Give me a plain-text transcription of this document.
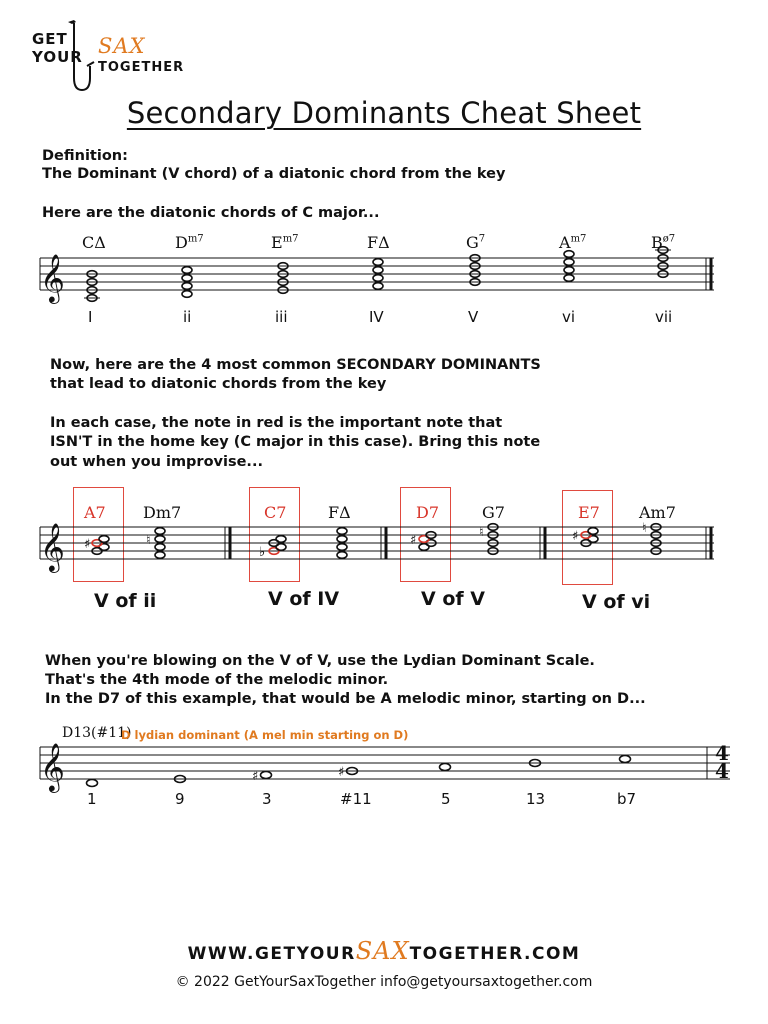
GET
YOUR SAX
TOGETHER
Secondary Dominants Cheat Sheet
Definition:
The Dominant (V chord) of a diatonic chord from the key
Here are the diatonic chords of C major...
𝄞
CΔ	$D^{m7}$	$E^{m7}$	FΔ	$G^7$	$A^{m7}$	$B^{ø7}$
I	ii	iii	IV	V	vi	vii
Now, here are the 4 most common SECONDARY DOMINANTS
that lead to diatonic chords from the key
In each case, the note in red is the important note that
ISN'T in the home key (C major in this case). Bring this note
out when you improvise...
𝄞 ♯	♮
♭
♯
♮	♯
♮
A7 Dm7	C7	FΔ	D7	G7	E7 Am7
V of ii	V of IV	V of V	V of vi
When you're blowing on the V of V, use the Lydian Dominant Scale.
That's the 4th mode of the melodic minor.
In the D7 of this example, that would be A melodic minor, starting on D...
𝄞	♯	♯
D13(#11)
D lydian dominant (A mel min starting on D)
4
4
1	9	3	#11	5	13	b7
WWW.GETYOURSAXTOGETHER.COM
© 2022 GetYourSaxTogether info@getyoursaxtogether.com
